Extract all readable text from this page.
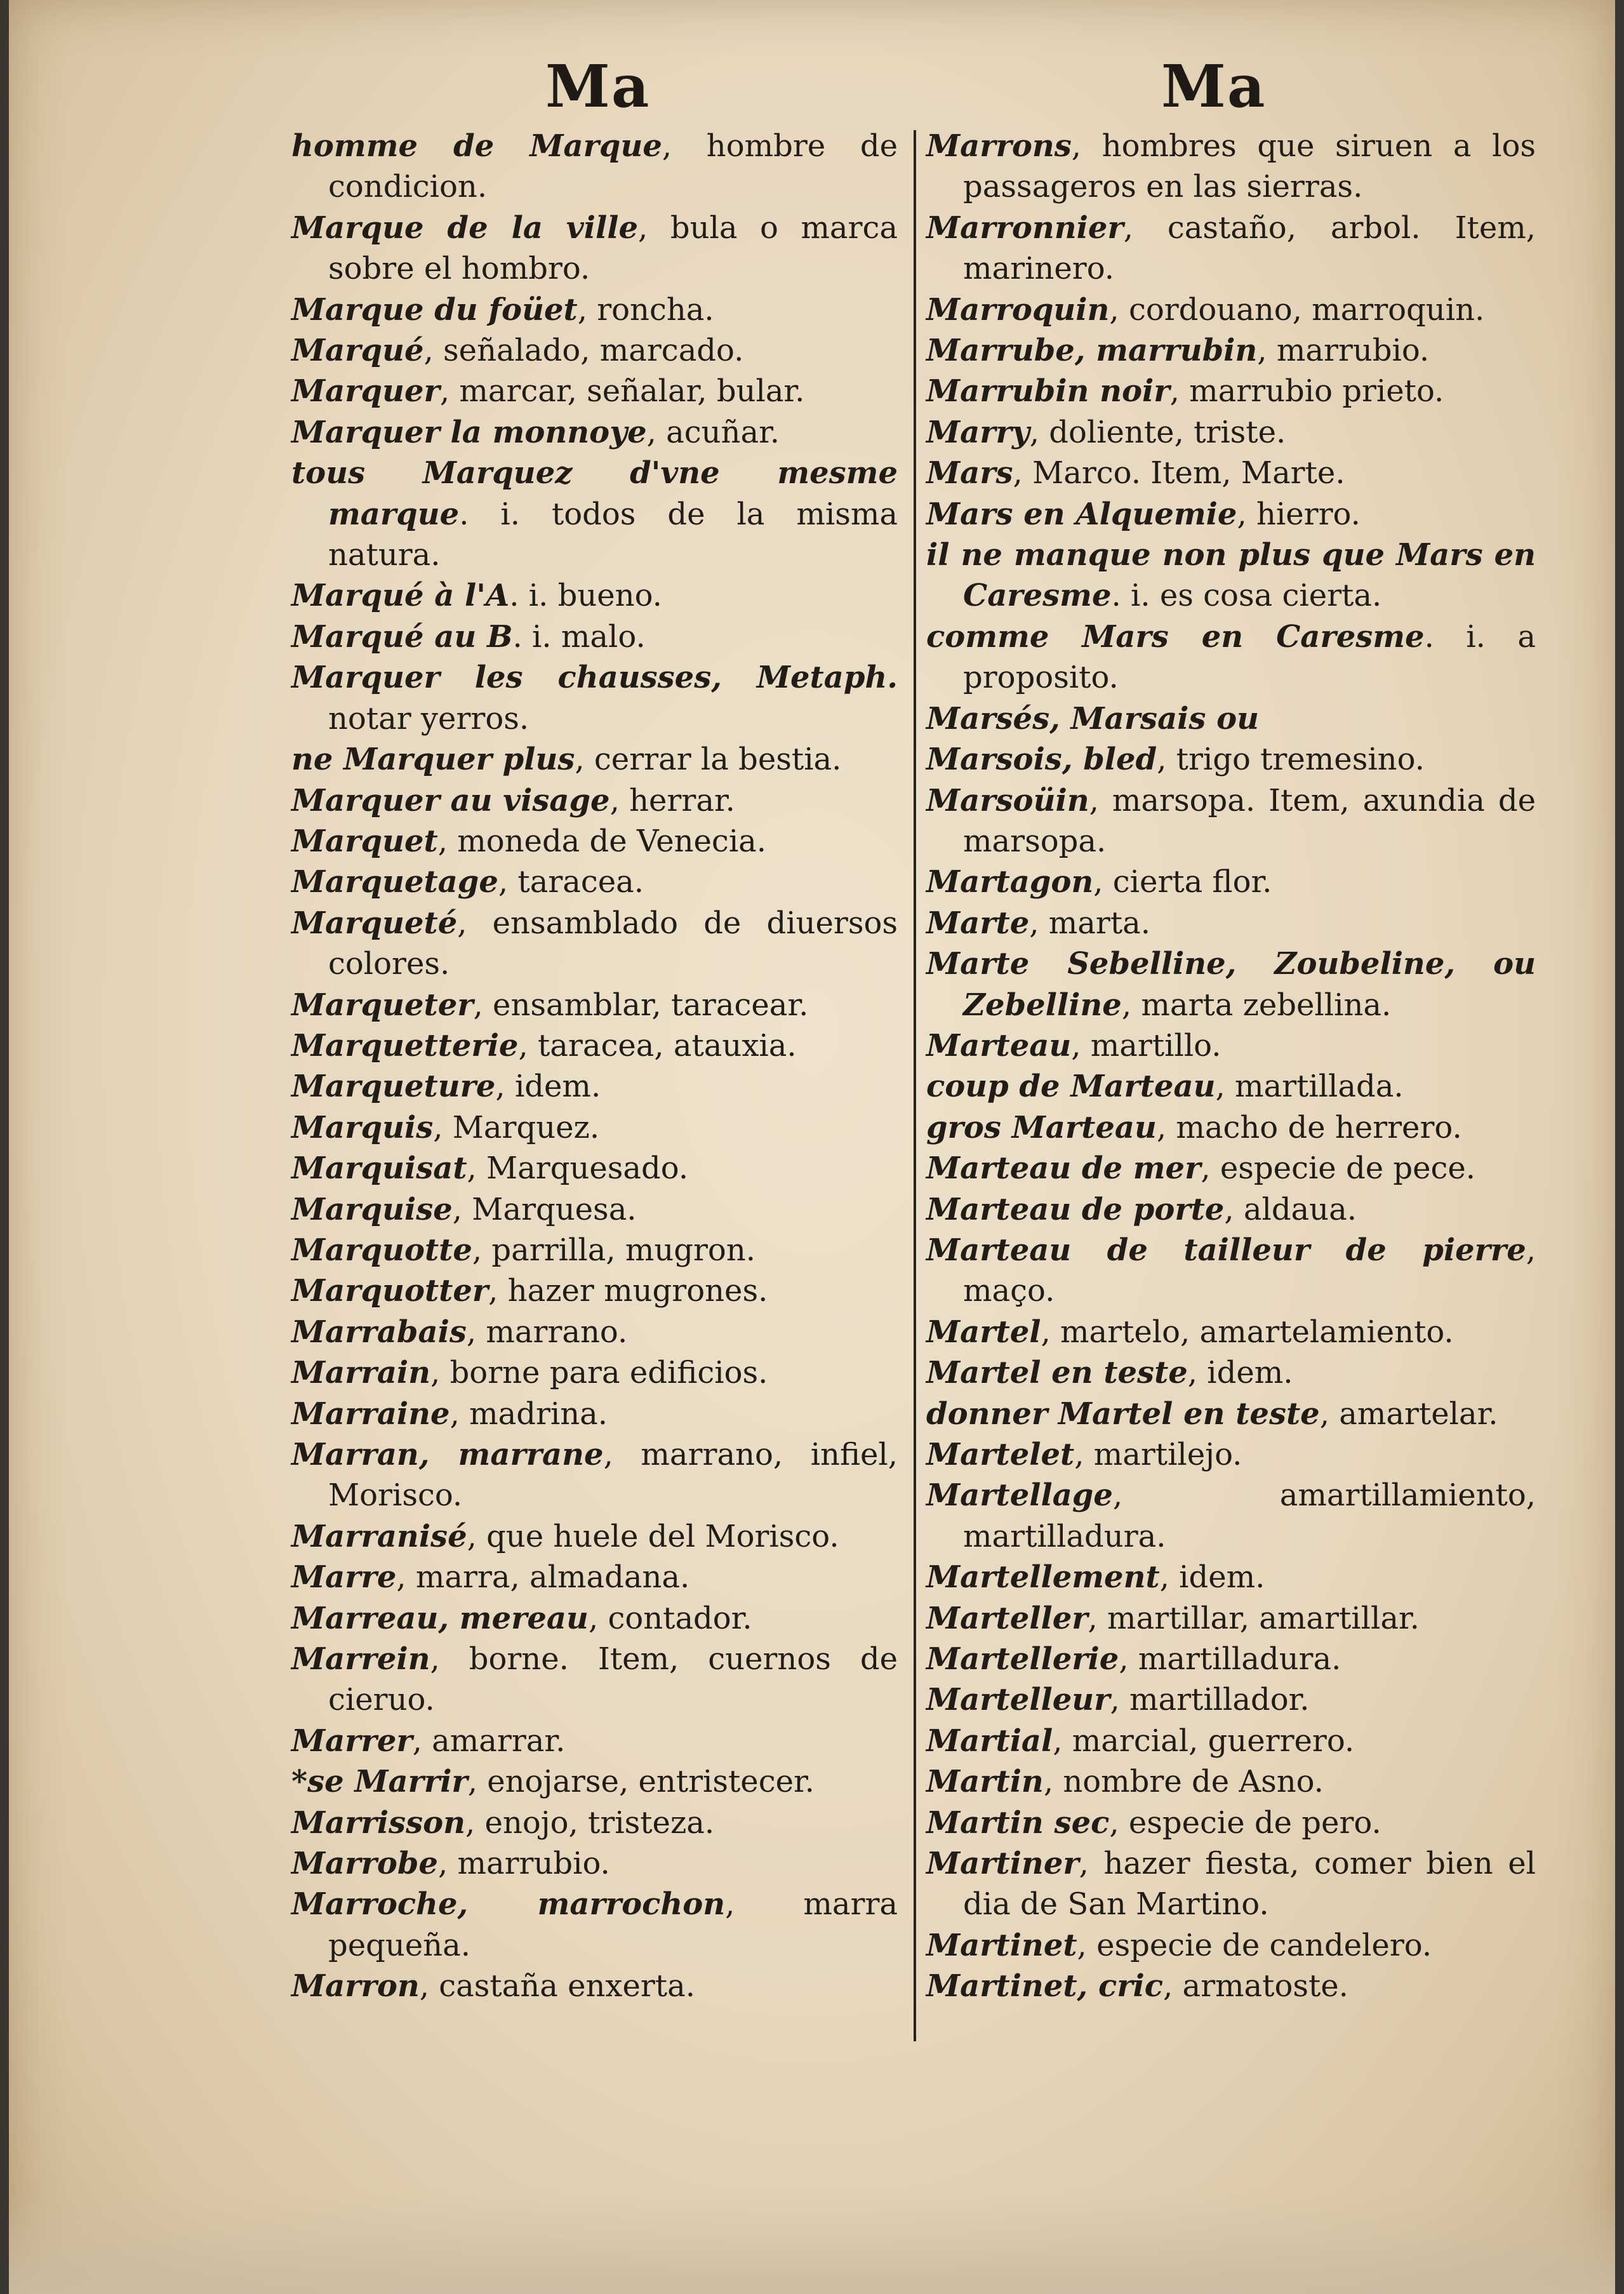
Ma	Ma

homme de Marque, hombre de condicion.

Marque de la ville, bula o marca sobre el hombro.

Marque du foüet, roncha.

Marqué, señalado, marcado.

Marquer, marcar, señalar, bular.

Marquer la monnoye, acuñar.

tous Marquez d'vne mesme marque. i. todos de la misma natura.

Marqué à l'A. i. bueno.

Marqué au B. i. malo.

Marquer les chausses, Metaph. notar yerros.

ne Marquer plus, cerrar la bestia.

Marquer au visage, herrar.

Marquet, moneda de Venecia.

Marquetage, taracea.

Marqueté, ensamblado de diuersos colores.

Marqueter, ensamblar, taracear.

Marquetterie, taracea, atauxia.

Marqueture, idem.

Marquis, Marquez.

Marquisat, Marquesado.

Marquise, Marquesa.

Marquotte, parrilla, mugron.

Marquotter, hazer mugrones.

Marrabais, marrano.

Marrain, borne para edificios.

Marraine, madrina.

Marran, marrane, marrano, infiel, Morisco.

Marranisé, que huele del Morisco.

Marre, marra, almadana.

Marreau, mereau, contador.

Marrein, borne. Item, cuernos de cieruo.

Marrer, amarrar.

*se Marrir, enojarse, entristecer.

Marrisson, enojo, tristeza.

Marrobe, marrubio.

Marroche, marrochon, marra pequeña.

Marron, castaña enxerta.

Marrons, hombres que siruen a los passageros en las sierras.

Marronnier, castaño, arbol. Item, marinero.

Marroquin, cordouano, marroquin.

Marrube, marrubin, marrubio.

Marrubin noir, marrubio prieto.

Marry, doliente, triste.

Mars, Marco. Item, Marte.

Mars en Alquemie, hierro.

il ne manque non plus que Mars en Caresme. i. es cosa cierta.

comme Mars en Caresme. i. a proposito.

Marsés, Marsais ou

Marsois, bled, trigo tremesino.

Marsoüin, marsopa. Item, axundia de marsopa.

Martagon, cierta flor.

Marte, marta.

Marte Sebelline, Zoubeline, ou Zebelline, marta zebellina.

Marteau, martillo.

coup de Marteau, martillada.

gros Marteau, macho de herrero.

Marteau de mer, especie de pece.

Marteau de porte, aldaua.

Marteau de tailleur de pierre, maço.

Martel, martelo, amartelamiento.

Martel en teste, idem.

donner Martel en teste, amartelar.

Martelet, martilejo.

Martellage, amartillamiento, martilladura.

Martellement, idem.

Marteller, martillar, amartillar.

Martellerie, martilladura.

Martelleur, martillador.

Martial, marcial, guerrero.

Martin, nombre de Asno.

Martin sec, especie de pero.

Martiner, hazer fiesta, comer bien el dia de San Martino.

Martinet, especie de candelero.

Martinet, cric, armatoste.
